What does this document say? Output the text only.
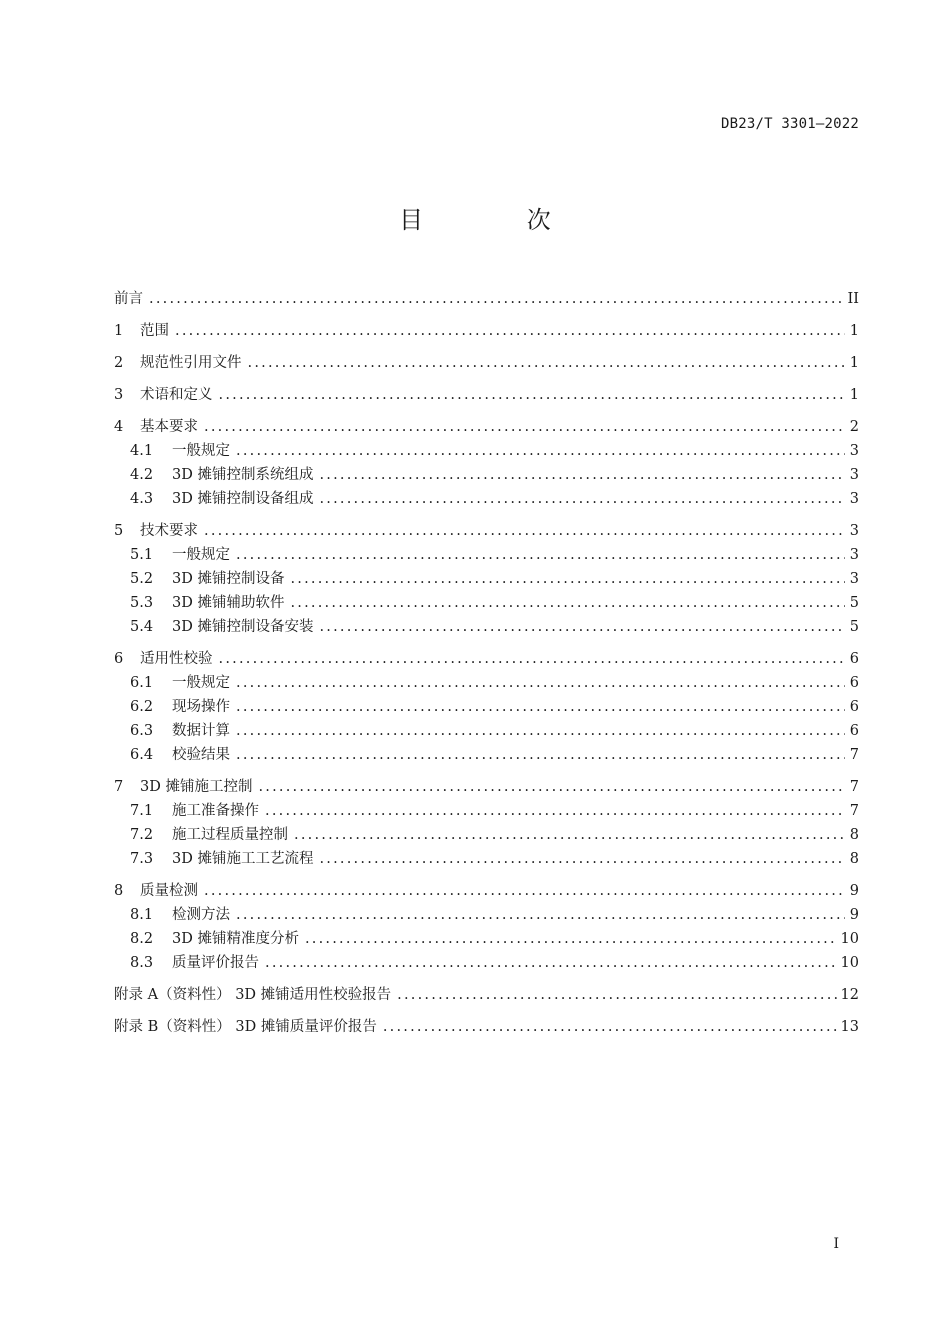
DB23/T 3301—2022
目 次
前言 . . .	II
1	范围 . . .	1
2	规范性引用文件 . . .	1
3	术语和定义 . . .	1
4	基本要求 . . .	2
4.1	一般规定 . . .	3
4.2	3D 摊铺控制系统组成 . . .	3
4.3	3D 摊铺控制设备组成 . . .	3
5	技术要求 . . .	3
5.1	一般规定 . . .	3
5.2	3D 摊铺控制设备 . . .	3
5.3	3D 摊铺辅助软件 . . .	5
5.4	3D 摊铺控制设备安装 . . .	5
6	适用性校验 . . .	6
6.1	一般规定 . . .	6
6.2	现场操作 . . .	6
6.3	数据计算 . . .	6
6.4	校验结果 . . .	7
7	3D 摊铺施工控制 . . .	7
7.1	施工准备操作 . . .	7
7.2	施工过程质量控制 . . .	8
7.3	3D 摊铺施工工艺流程 . . .	8
8	质量检测 . . .	9
8.1	检测方法 . . .	9
8.2	3D 摊铺精准度分析 . . .	10
8.3	质量评价报告 . . .	10
附录 A（资料性） 3D 摊铺适用性校验报告 . . .	12
附录 B（资料性） 3D 摊铺质量评价报告 . . .	13
I
